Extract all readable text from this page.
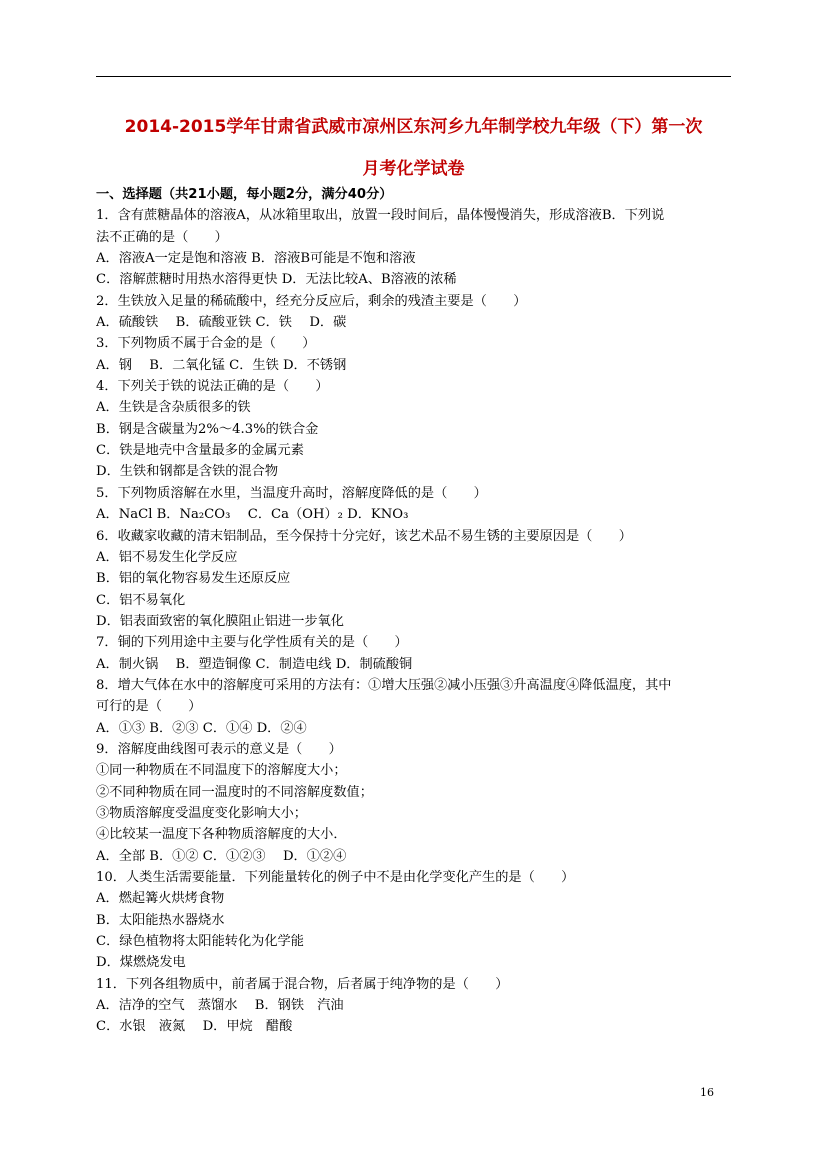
2014-2015学年甘肃省武威市凉州区东河乡九年制学校九年级（下）第一次
月考化学试卷
一、选择题（共21小题，每小题2分，满分40分）
1．含有蔗糖晶体的溶液A，从冰箱里取出，放置一段时间后，晶体慢慢消失，形成溶液B．下列说
法不正确的是（　　）
A．溶液A一定是饱和溶液 B．溶液B可能是不饱和溶液
C．溶解蔗糖时用热水溶得更快 D．无法比较A、B溶液的浓稀
2．生铁放入足量的稀硫酸中，经充分反应后，剩余的残渣主要是（　　）
A．硫酸铁　 B．硫酸亚铁 C．铁　 D．碳
3．下列物质不属于合金的是（　　）
A．钢　 B．二氧化锰 C．生铁 D．不锈钢
4．下列关于铁的说法正确的是（　　）
A．生铁是含杂质很多的铁
B．钢是含碳量为2%～4.3%的铁合金
C．铁是地壳中含量最多的金属元素
D．生铁和钢都是含铁的混合物
5．下列物质溶解在水里，当温度升高时，溶解度降低的是（　　）
A．NaCl B．Na₂CO₃　 C．Ca（OH）₂ D．KNO₃
6．收藏家收藏的清末铝制品，至今保持十分完好，该艺术品不易生锈的主要原因是（　　）
A．铝不易发生化学反应
B．铝的氧化物容易发生还原反应
C．铝不易氧化
D．铝表面致密的氧化膜阻止铝进一步氧化
7．铜的下列用途中主要与化学性质有关的是（　　）
A．制火锅　 B．塑造铜像 C．制造电线 D．制硫酸铜
8．增大气体在水中的溶解度可采用的方法有：①增大压强②减小压强③升高温度④降低温度，其中
可行的是（　　）
A．①③ B．②③ C．①④ D．②④
9．溶解度曲线图可表示的意义是（　　）
①同一种物质在不同温度下的溶解度大小；
②不同种物质在同一温度时的不同溶解度数值；
③物质溶解度受温度变化影响大小；
④比较某一温度下各种物质溶解度的大小．
A．全部 B．①② C．①②③　 D．①②④
10．人类生活需要能量．下列能量转化的例子中不是由化学变化产生的是（　　）
A．燃起篝火烘烤食物
B．太阳能热水器烧水
C．绿色植物将太阳能转化为化学能
D．煤燃烧发电
11．下列各组物质中，前者属于混合物，后者属于纯净物的是（　　）
A．洁净的空气　蒸馏水　 B．钢铁　汽油
C．水银　液氮　 D．甲烷　醋酸
16
